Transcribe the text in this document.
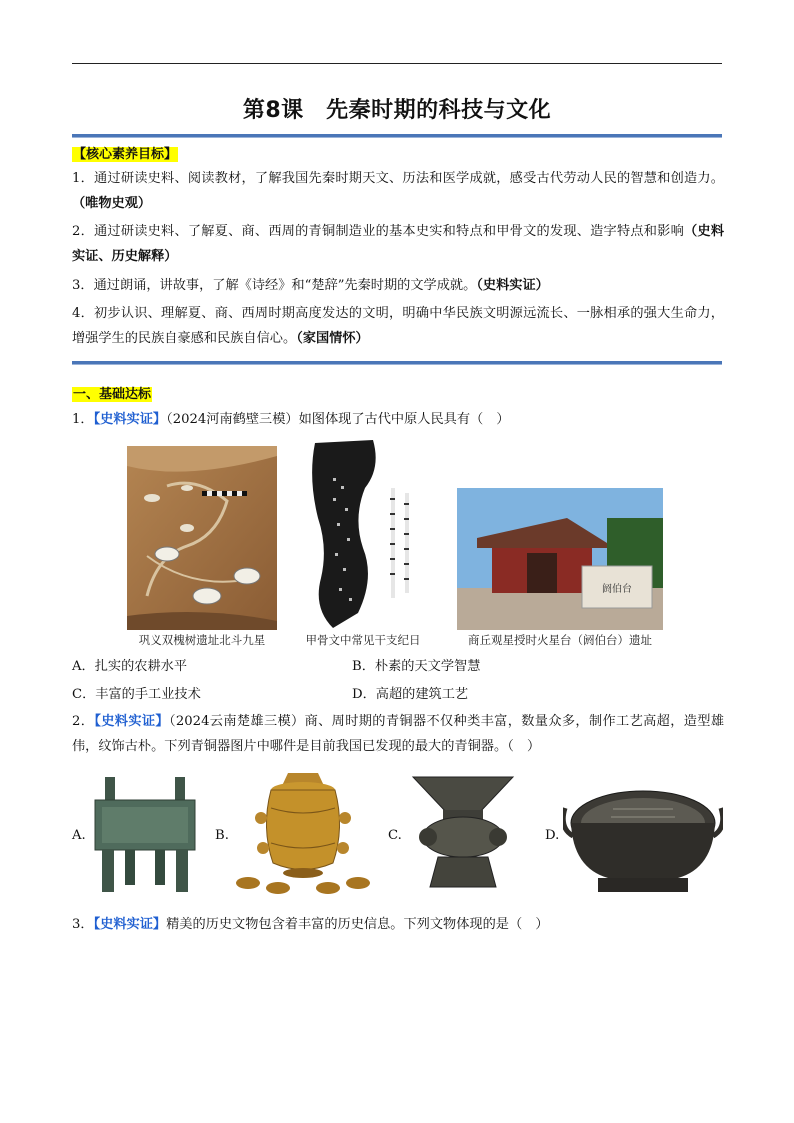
第8课　先秦时期的科技与文化
【核心素养目标】
1．通过研读史料、阅读教材，了解我国先秦时期天文、历法和医学成就，感受古代劳动人民的智慧和创造力。（唯物史观）
2．通过研读史料、了解夏、商、西周的青铜制造业的基本史实和特点和甲骨文的发现、造字特点和影响（史料实证、历史解释）
3．通过朗诵，讲故事，了解《诗经》和“楚辞”先秦时期的文学成就。（史料实证）
4．初步认识、理解夏、商、西周时期高度发达的文明，明确中华民族文明源远流长、一脉相承的强大生命力，增强学生的民族自豪感和民族自信心。（家国情怀）
一、基础达标
1．【史料实证】（2024河南鹤壁三模）如图体现了古代中原人民具有（　）
阏伯台
巩义双槐树遗址北斗九星	甲骨文中常见干支纪日	商丘观星授时火星台（阏伯台）遗址
A．扎实的农耕水平	B．朴素的天文学智慧
C．丰富的手工业技术	D．高超的建筑工艺
2．【史料实证】（2024云南楚雄三模）商、周时期的青铜器不仅种类丰富，数量众多，制作工艺高超，造型雄伟，纹饰古朴。下列青铜器图片中哪件是目前我国已发现的最大的青铜器。（　）
A.	B.	C.	D.
3．【史料实证】精美的历史文物包含着丰富的历史信息。下列文物体现的是（　）
